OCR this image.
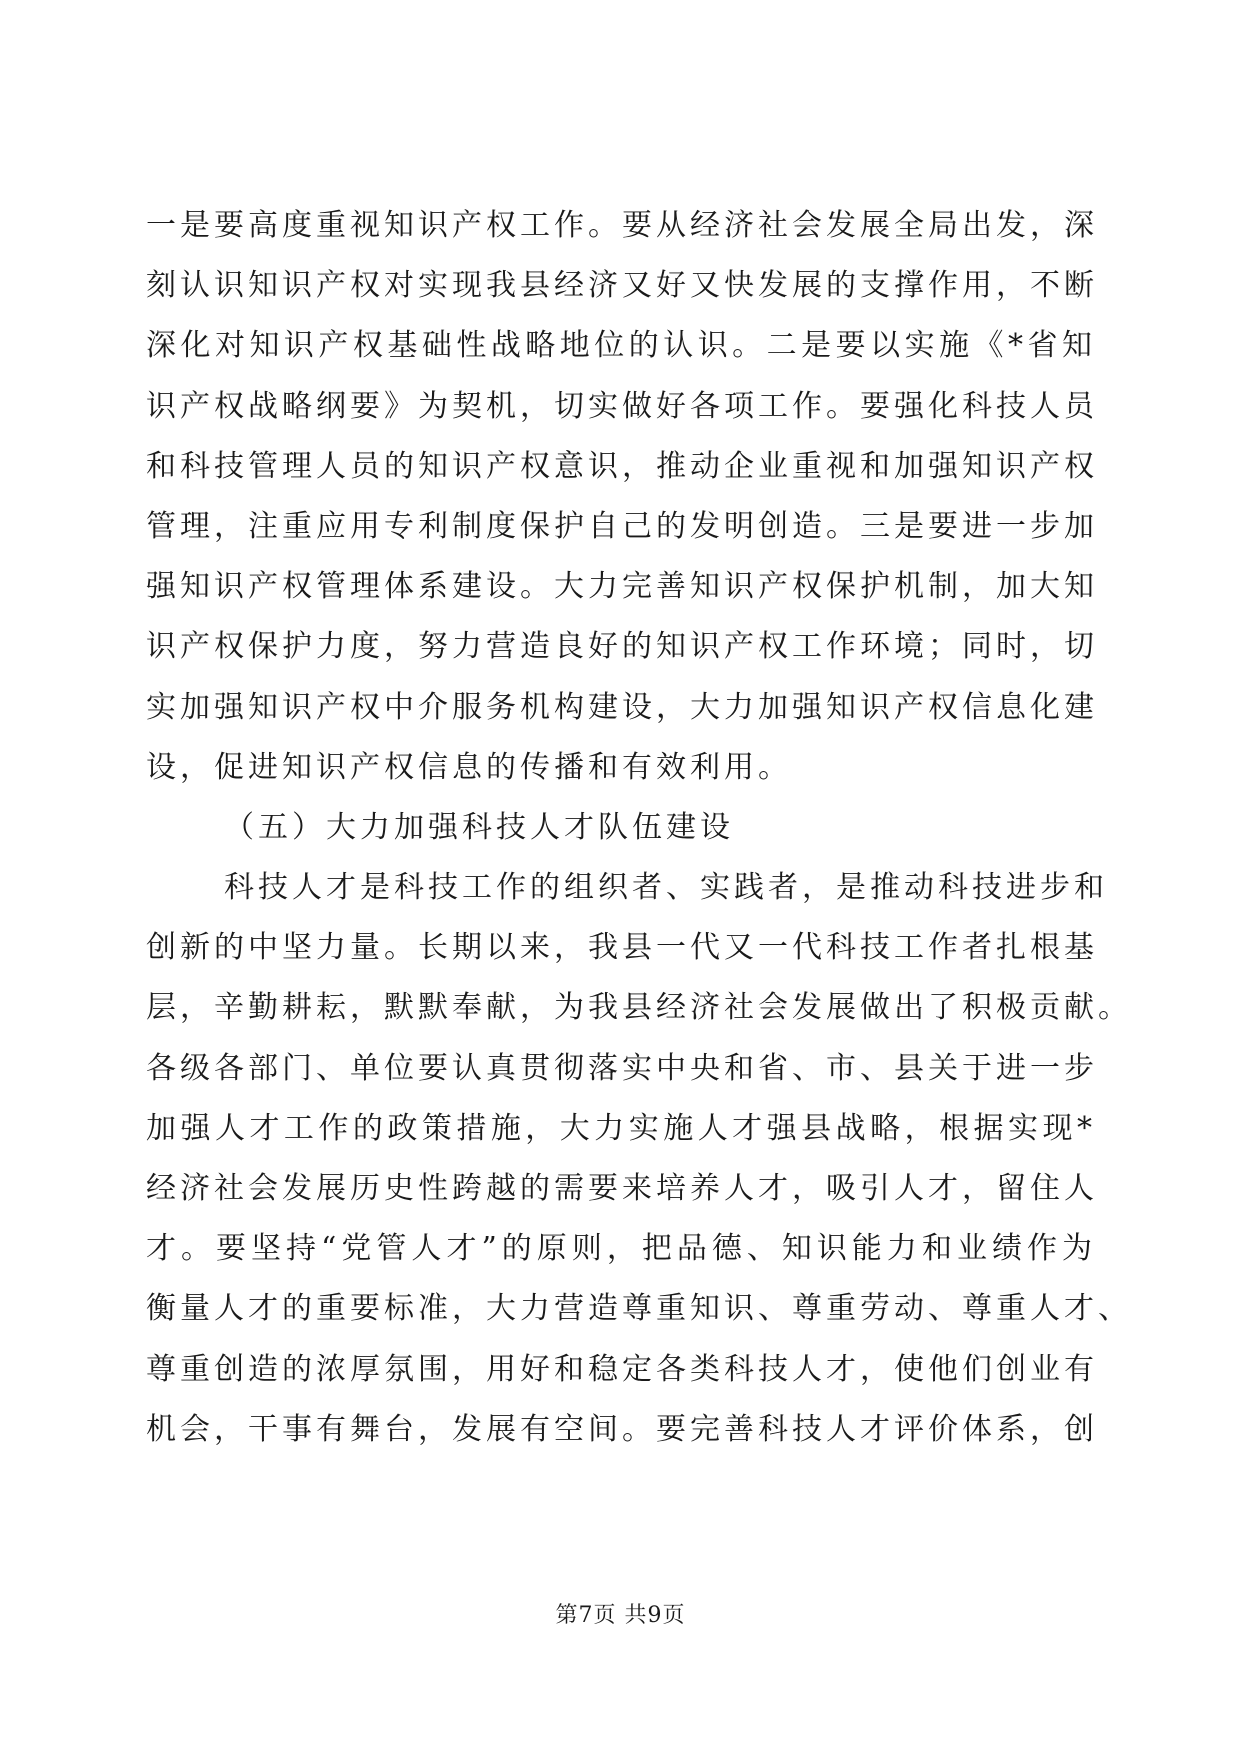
一是要高度重视知识产权工作。要从经济社会发展全局出发，深
刻认识知识产权对实现我县经济又好又快发展的支撑作用，不断
深化对知识产权基础性战略地位的认识。二是要以实施《*省知
识产权战略纲要》为契机，切实做好各项工作。要强化科技人员
和科技管理人员的知识产权意识，推动企业重视和加强知识产权
管理，注重应用专利制度保护自己的发明创造。三是要进一步加
强知识产权管理体系建设。大力完善知识产权保护机制，加大知
识产权保护力度，努力营造良好的知识产权工作环境；同时，切
实加强知识产权中介服务机构建设，大力加强知识产权信息化建
设，促进知识产权信息的传播和有效利用。
（五）大力加强科技人才队伍建设
科技人才是科技工作的组织者、实践者，是推动科技进步和
创新的中坚力量。长期以来，我县一代又一代科技工作者扎根基
层，辛勤耕耘，默默奉献，为我县经济社会发展做出了积极贡献。
各级各部门、单位要认真贯彻落实中央和省、市、县关于进一步
加强人才工作的政策措施，大力实施人才强县战略，根据实现*
经济社会发展历史性跨越的需要来培养人才，吸引人才，留住人
才。要坚持“党管人才”的原则，把品德、知识能力和业绩作为
衡量人才的重要标准，大力营造尊重知识、尊重劳动、尊重人才、
尊重创造的浓厚氛围，用好和稳定各类科技人才，使他们创业有
机会，干事有舞台，发展有空间。要完善科技人才评价体系，创
第7页 共9页
